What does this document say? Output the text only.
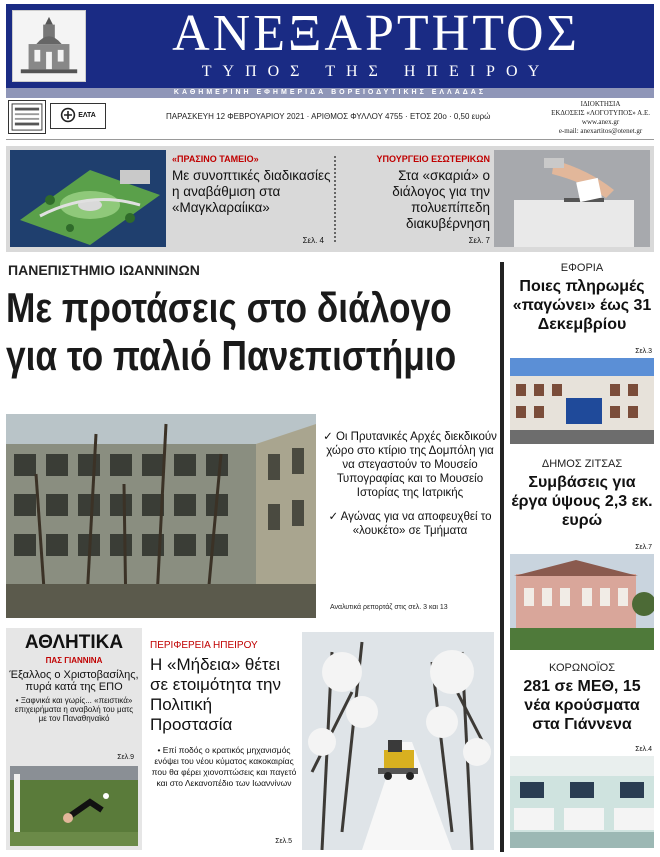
ΑΝΕΞΑΡΤΗΤΟΣ
ΤΥΠΟΣ ΤΗΣ ΗΠΕΙΡΟΥ
ΚΑΘΗΜΕΡΙΝΗ ΕΦΗΜΕΡΙΔΑ ΒΟΡΕΙΟΔΥΤΙΚΗΣ ΕΛΛΑΔΑΣ
ΕΛΤΑ	ΠΑΡΑΣΚΕΥΗ 12 ΦΕΒΡΟΥΑΡΙΟΥ 2021 · ΑΡΙΘΜΟΣ ΦΥΛΛΟΥ 4755 · ΕΤΟΣ 20ο · 0,50 ευρώ
ΙΔΙΟΚΤΗΣΙΑ
ΕΚΔΟΣΕΙΣ «ΛΟΓΟΤΥΠΟΣ» Α.Ε.
www.anex.gr
e-mail: anexartitos@otenet.gr
«ΠΡΑΣΙΝΟ ΤΑΜΕΙΟ»
Με συνοπτικές διαδικασίες η αναβάθμιση στα «Μαγκλαραίικα»
Σελ. 4
ΥΠΟΥΡΓΕΙΟ ΕΣΩΤΕΡΙΚΩΝ
Στα «σκαριά» ο διάλογος για την πολυεπίπεδη διακυβέρνηση
Σελ. 7
ΠΑΝΕΠΙΣΤΗΜΙΟ ΙΩΑΝΝΙΝΩΝ
Με προτάσεις στο διάλογο
για το παλιό Πανεπιστήμιο
✓ Οι Πρυτανικές Αρχές διεκδικούν χώρο στο κτίριο της Δομπόλη για να στεγαστούν το Μουσείο Τυπογραφίας και το Μουσείο Ιστορίας της Ιατρικής
✓ Αγώνας για να αποφευχθεί το «λουκέτο» σε Τμήματα
Αναλυτικά ρεπορτάζ στις σελ. 3 και 13
ΕΦΟΡΙΑ
Ποιες πληρωμές «παγώνει» έως 31 Δεκεμβρίου
Σελ.3
ΔΗΜΟΣ ΖΙΤΣΑΣ
Συμβάσεις για έργα ύψους 2,3 εκ. ευρώ
Σελ.7
ΚΟΡΩΝΟΪΟΣ
281 σε ΜΕΘ, 15 νέα κρούσματα στα Γιάννενα
Σελ.4
ΑΘΛΗΤΙΚΑ
ΠΑΣ ΓΙΑΝΝΙΝΑ
Έξαλλος ο Χριστοβασίλης, πυρά κατά της ΕΠΟ
• Ξαφνικά και γωρίς... «πειστικά» επιχειρήματα η αναβολή του ματς με τον Παναθηναϊκό
Σελ.9
ΠΕΡΙΦΕΡΕΙΑ ΗΠΕΙΡΟΥ
Η «Μήδεια» θέτει σε ετοιμότητα την Πολιτική Προστασία
• Επί ποδός ο κρατικός μηχανισμός ενόψει του νέου κύματος κακοκαιρίας που θα φέρει χιονοπτώσεις και παγετό και στο Λεκανοπέδιο των Ιωαννίνων
Σελ.5
